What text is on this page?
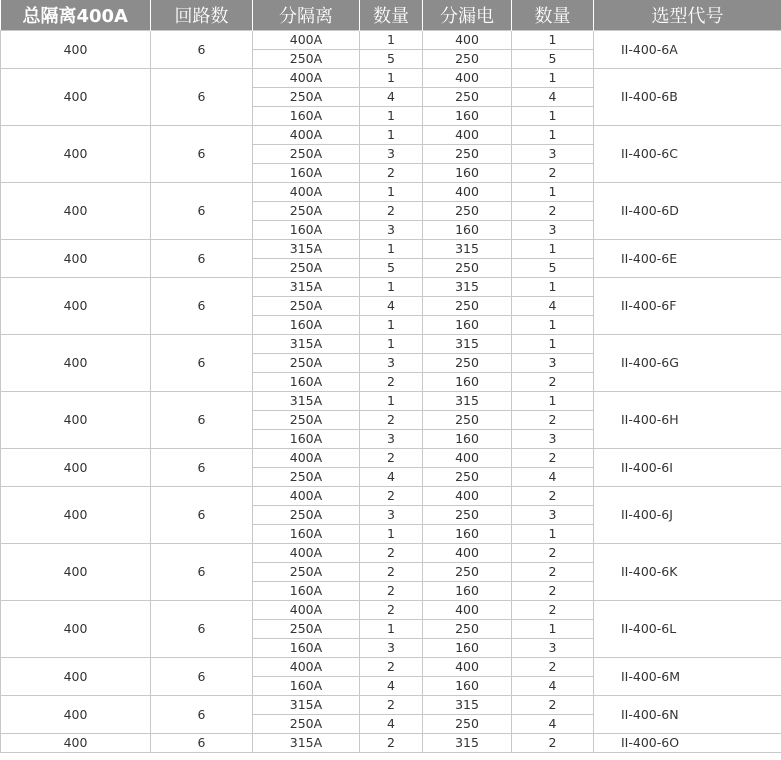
总隔离400A	回路数	分隔离	数量	分漏电	数量	选型代号
400	6	400A	1	400	1	II-400-6A
		250A	5	250	5	
400	6	400A	1	400	1	II-400-6B
		250A	4	250	4	
		160A	1	160	1	
400	6	400A	1	400	1	II-400-6C
		250A	3	250	3	
		160A	2	160	2	
400	6	400A	1	400	1	II-400-6D
		250A	2	250	2	
		160A	3	160	3	
400	6	315A	1	315	1	II-400-6E
		250A	5	250	5	
400	6	315A	1	315	1	II-400-6F
		250A	4	250	4	
		160A	1	160	1	
400	6	315A	1	315	1	II-400-6G
		250A	3	250	3	
		160A	2	160	2	
400	6	315A	1	315	1	II-400-6H
		250A	2	250	2	
		160A	3	160	3	
400	6	400A	2	400	2	II-400-6I
		250A	4	250	4	
400	6	400A	2	400	2	II-400-6J
		250A	3	250	3	
		160A	1	160	1	
400	6	400A	2	400	2	II-400-6K
		250A	2	250	2	
		160A	2	160	2	
400	6	400A	2	400	2	II-400-6L
		250A	1	250	1	
		160A	3	160	3	
400	6	400A	2	400	2	II-400-6M
		160A	4	160	4	
400	6	315A	2	315	2	II-400-6N
		250A	4	250	4	
400	6	315A	2	315	2	II-400-6O
